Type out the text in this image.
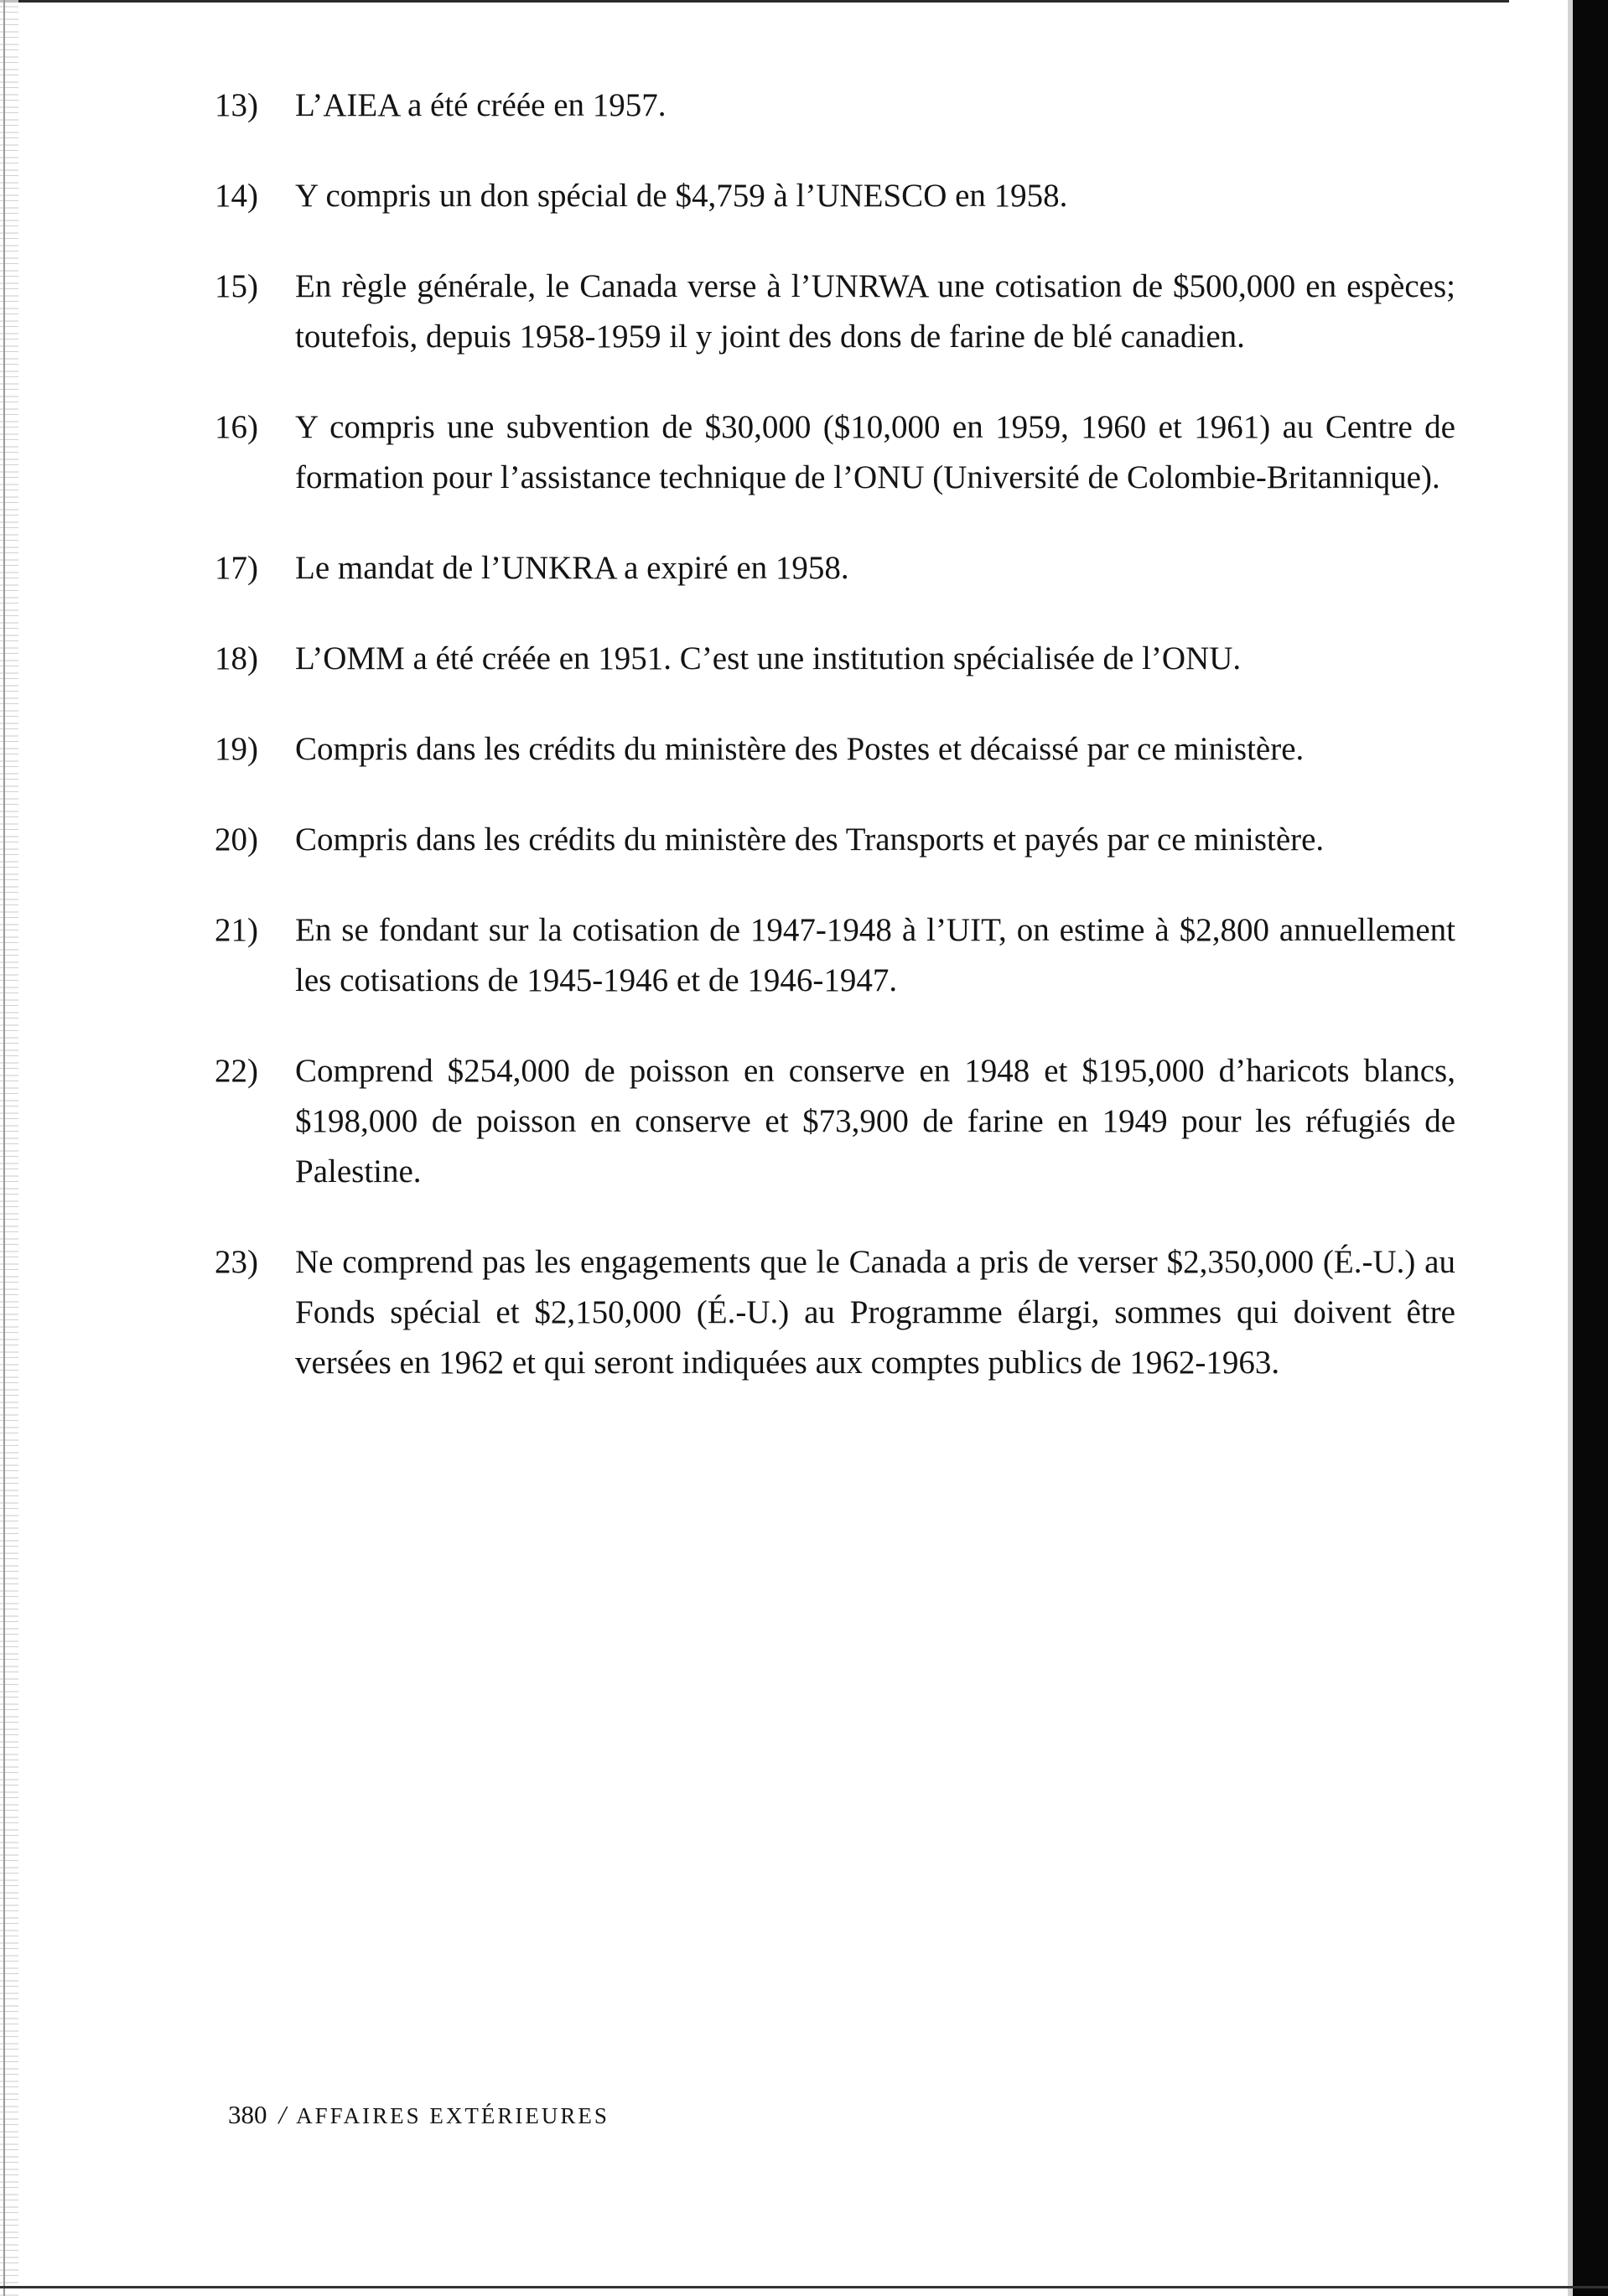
13)	L’AIEA a été créée en 1957.
14)	Y compris un don spécial de $4,759 à l’UNESCO en 1958.
15)	En règle générale, le Canada verse à l’UNRWA une cotisation de $500,000 en espèces; toutefois, depuis 1958-1959 il y joint des dons de farine de blé canadien.
16)	Y compris une subvention de $30,000 ($10,000 en 1959, 1960 et 1961) au Centre de formation pour l’assistance technique de l’ONU (Université de Colombie-Britannique).
17)	Le mandat de l’UNKRA a expiré en 1958.
18)	L’OMM a été créée en 1951. C’est une institution spécialisée de l’ONU.
19)	Compris dans les crédits du ministère des Postes et décaissé par ce ministère.
20)	Compris dans les crédits du ministère des Transports et payés par ce ministère.
21)	En se fondant sur la cotisation de 1947-1948 à l’UIT, on estime à $2,800 annuellement les cotisations de 1945-1946 et de 1946-1947.
22)	Comprend $254,000 de poisson en conserve en 1948 et $195,000 d’haricots blancs, $198,000 de poisson en conserve et $73,900 de farine en 1949 pour les réfugiés de Palestine.
23)	Ne comprend pas les engagements que le Canada a pris de verser $2,350,000 (É.-U.) au Fonds spécial et $2,150,000 (É.-U.) au Programme élargi, sommes qui doivent être versées en 1962 et qui seront indiquées aux comptes publics de 1962-1963.
380 / AFFAIRES EXTÉRIEURES
